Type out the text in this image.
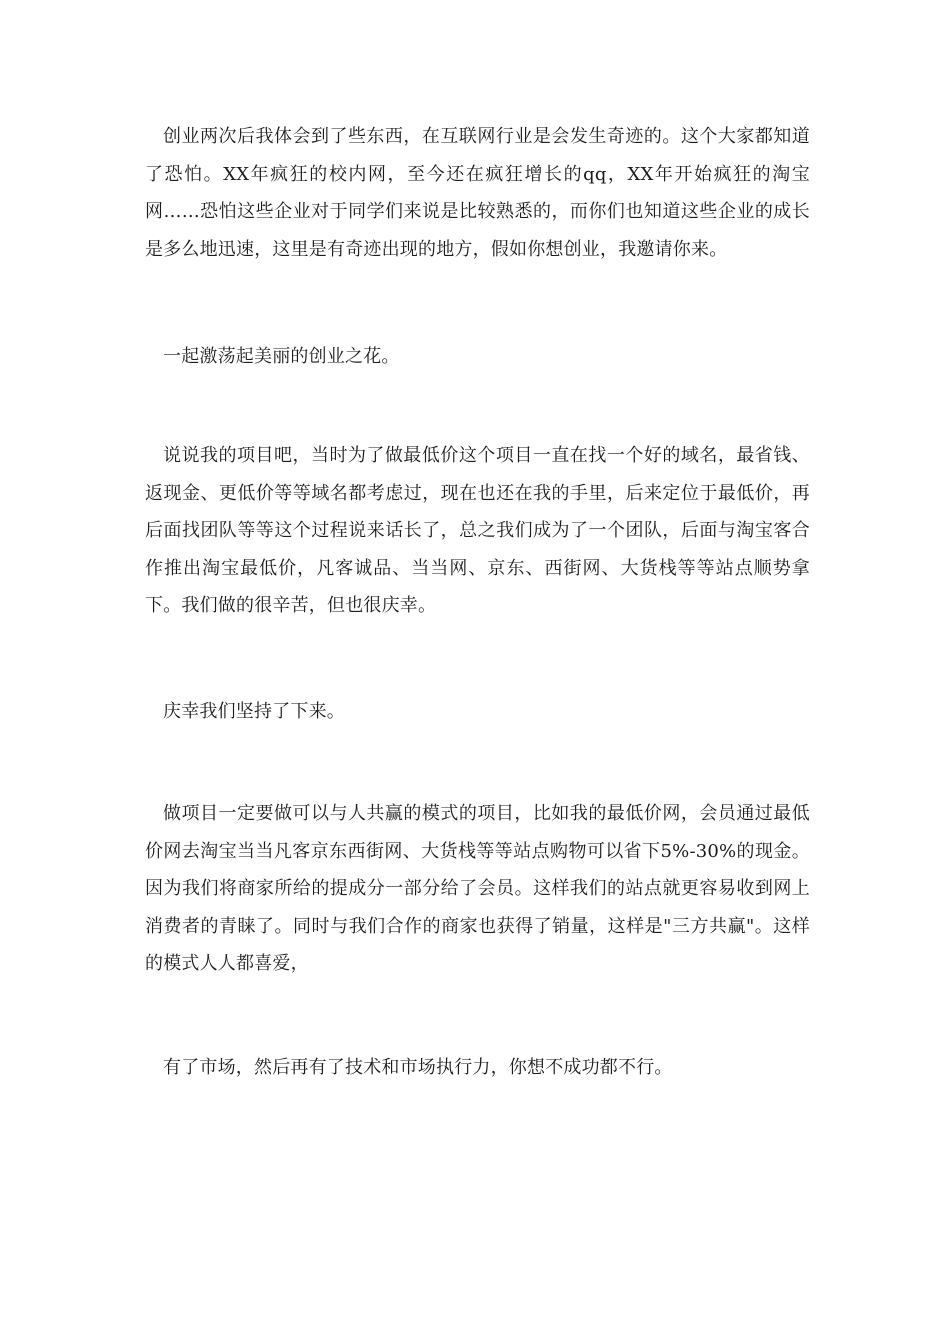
创业两次后我体会到了些东西，在互联网行业是会发生奇迹的。这个大家都知道了恐怕。XX年疯狂的校内网，至今还在疯狂增长的qq，XX年开始疯狂的淘宝网……恐怕这些企业对于同学们来说是比较熟悉的，而你们也知道这些企业的成长是多么地迅速，这里是有奇迹出现的地方，假如你想创业，我邀请你来。

一起激荡起美丽的创业之花。

说说我的项目吧，当时为了做最低价这个项目一直在找一个好的域名，最省钱、返现金、更低价等等域名都考虑过，现在也还在我的手里，后来定位于最低价，再后面找团队等等这个过程说来话长了，总之我们成为了一个团队，后面与淘宝客合作推出淘宝最低价，凡客诚品、当当网、京东、西街网、大货栈等等站点顺势拿下。我们做的很辛苦，但也很庆幸。

庆幸我们坚持了下来。

做项目一定要做可以与人共赢的模式的项目，比如我的最低价网，会员通过最低价网去淘宝当当凡客京东西街网、大货栈等等站点购物可以省下5%-30%的现金。因为我们将商家所给的提成分一部分给了会员。这样我们的站点就更容易收到网上消费者的青睐了。同时与我们合作的商家也获得了销量，这样是"三方共赢"。这样的模式人人都喜爱，

有了市场，然后再有了技术和市场执行力，你想不成功都不行。
